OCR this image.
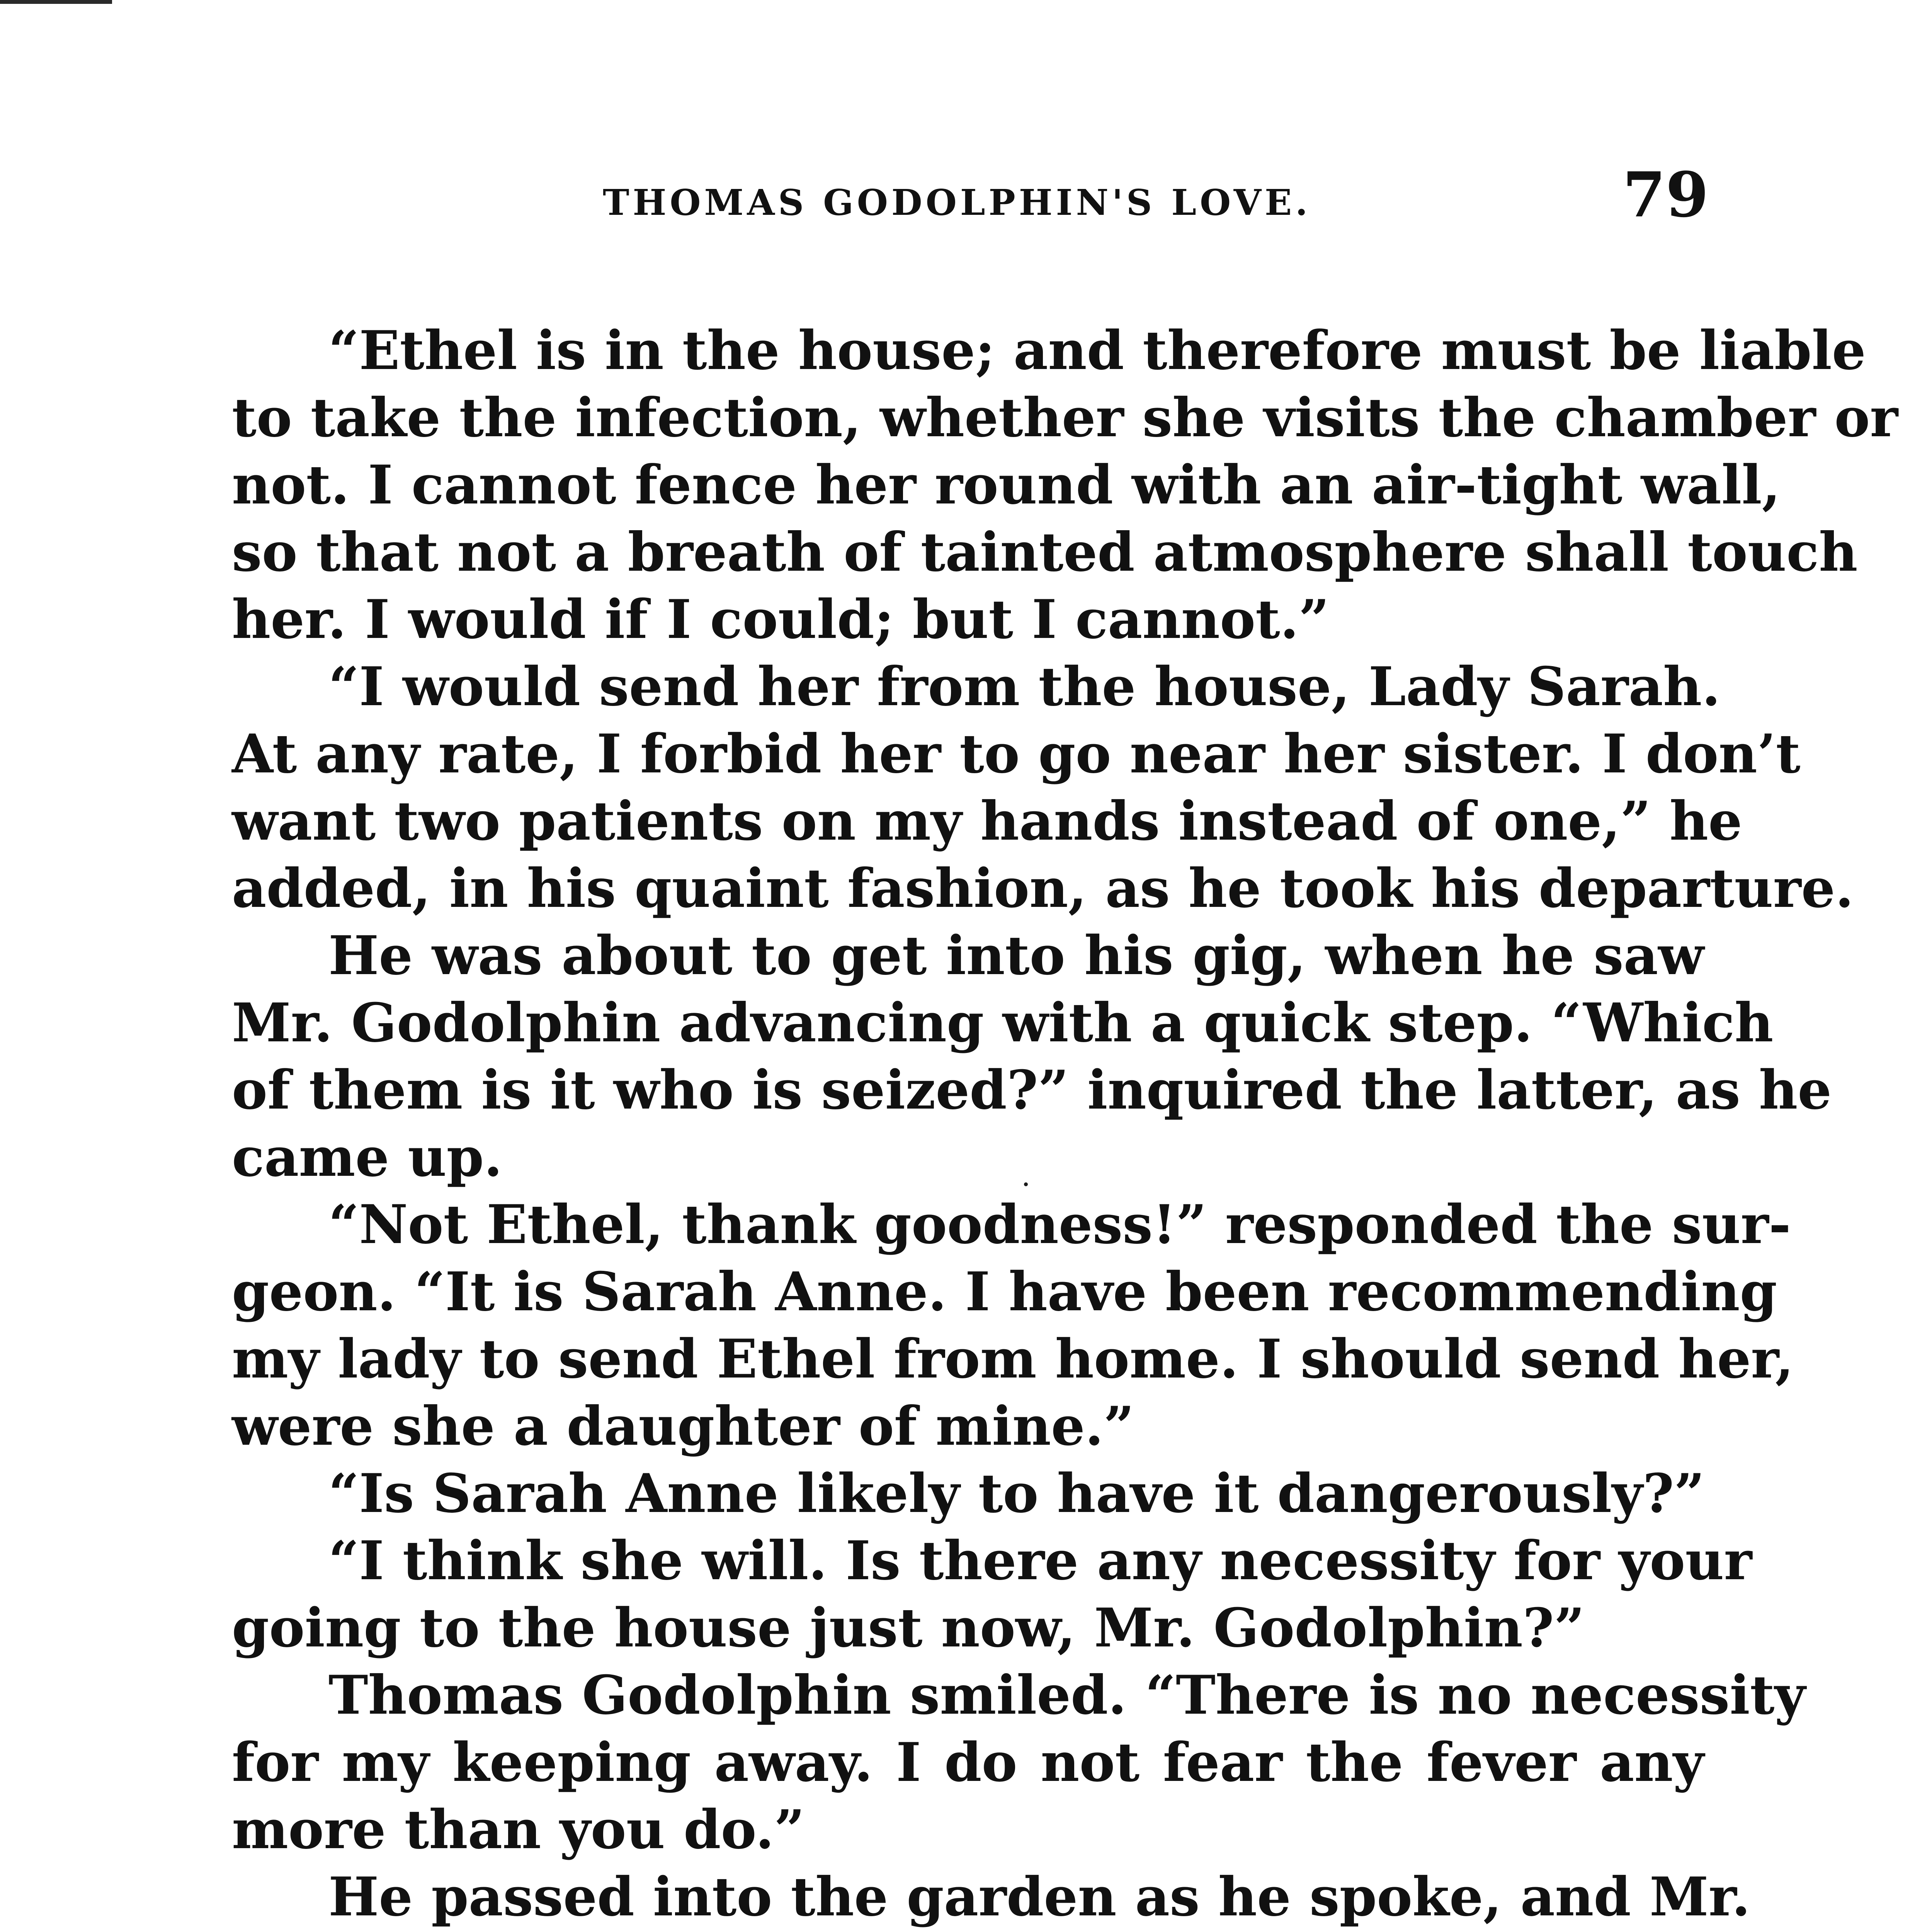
THOMAS GODOLPHIN'S LOVE.	79
“Ethel is in the house; and therefore must be liable
to take the infection, whether she visits the chamber or
not. I cannot fence her round with an air-tight wall,
so that not a breath of tainted atmosphere shall touch
her. I would if I could; but I cannot.”
“I would send her from the house, Lady Sarah.
At any rate, I forbid her to go near her sister. I don’t
want two patients on my hands instead of one,” he
added, in his quaint fashion, as he took his departure.
He was about to get into his gig, when he saw
Mr. Godolphin advancing with a quick step. “Which
of them is it who is seized?” inquired the latter, as he
came up.
“Not Ethel, thank goodness!” responded the sur-
geon. “It is Sarah Anne. I have been recommending
my lady to send Ethel from home. I should send her,
were she a daughter of mine.”
“Is Sarah Anne likely to have it dangerously?”
“I think she will. Is there any necessity for your
going to the house just now, Mr. Godolphin?”
Thomas Godolphin smiled. “There is no necessity
for my keeping away. I do not fear the fever any
more than you do.”
He passed into the garden as he spoke, and Mr.
